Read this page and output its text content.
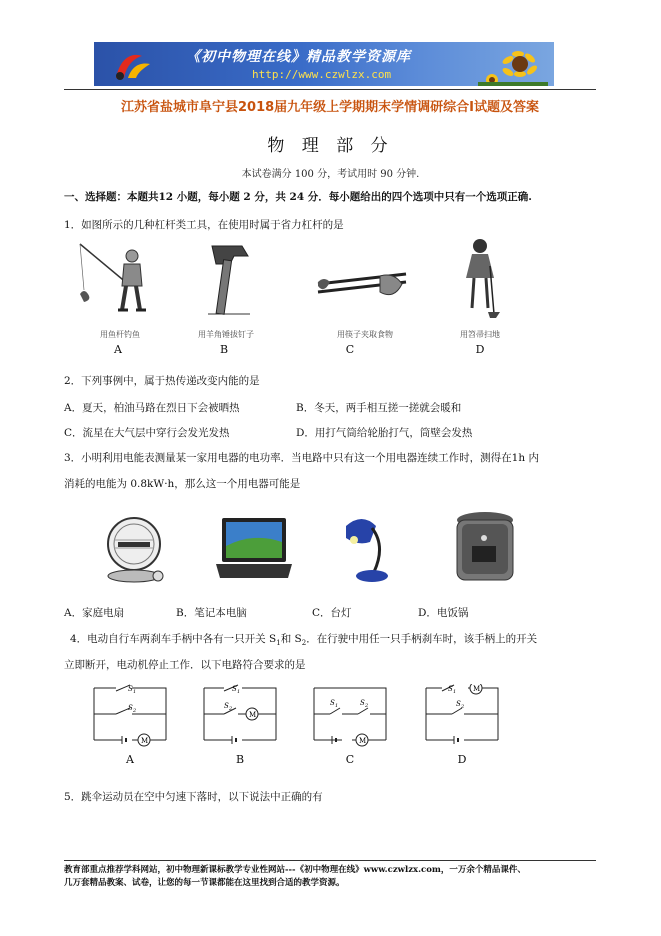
《初中物理在线》精品教学资源库
http://www.czwlzx.com
江苏省盐城市阜宁县2018届九年级上学期期末学情调研综合Ⅰ试题及答案
物 理 部 分
本试卷满分 100 分，考试用时 90 分钟.
一、选择题：本题共12 小题，每小题 2 分，共 24 分．每小题给出的四个选项中只有一个选项正确.
1．如图所示的几种杠杆类工具，在使用时属于省力杠杆的是
用鱼杆钓鱼	用羊角锤拔钉子	用筷子夹取食物	用笤帚扫地
A	B	C	D
2．下列事例中，属于热传递改变内能的是
A．夏天，柏油马路在烈日下会被晒热	B．冬天，两手相互搓一搓就会暖和
C．流星在大气层中穿行会发光发热	D．用打气筒给轮胎打气，筒壁会发热
3．小明利用电能表测量某一家用电器的电功率．当电路中只有这一个用电器连续工作时，测得在1h 内
消耗的电能为 0.8kW·h，那么这一个用电器可能是
A．家庭电扇	B．笔记本电脑	C．台灯	D．电饭锅
4．电动自行车两刹车手柄中各有一只开关 $S_1$和 $S_2$．在行驶中用任一只手柄刹车时，该手柄上的开关
立即断开，电动机停止工作．以下电路符合要求的是
S 1
S 2
M
S 1
S 2
M
S 1	S 2
M
S 1 M
S 2
A	B	C	D
5．跳伞运动员在空中匀速下落时，以下说法中正确的有
教育部重点推荐学科网站，初中物理新课标教学专业性网站---《初中物理在线》www.czwlzx.com，一万余个精品课件、
几万套精品教案、试卷，让您的每一节课都能在这里找到合适的教学资源。
